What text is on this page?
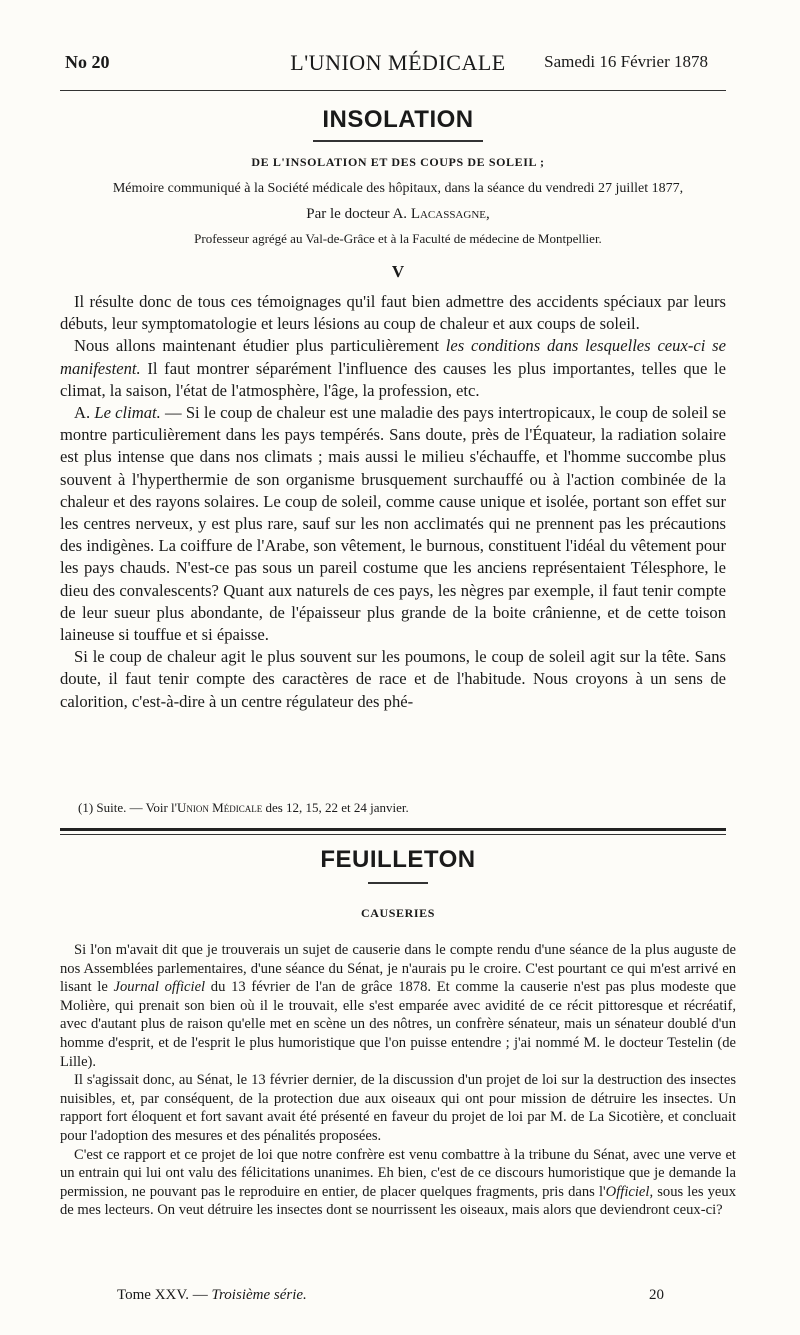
No 20	L'UNION MÉDICALE	Samedi 16 Février 1878
INSOLATION
DE L'INSOLATION ET DES COUPS DE SOLEIL ;
Mémoire communiqué à la Société médicale des hôpitaux, dans la séance du vendredi 27 juillet 1877,
Par le docteur A. Lacassagne,
Professeur agrégé au Val-de-Grâce et à la Faculté de médecine de Montpellier.
V

Il résulte donc de tous ces témoignages qu'il faut bien admettre des accidents spéciaux par leurs débuts, leur symptomatologie et leurs lésions au coup de chaleur et aux coups de soleil.

Nous allons maintenant étudier plus particulièrement les conditions dans lesquelles ceux-ci se manifestent. Il faut montrer séparément l'influence des causes les plus importantes, telles que le climat, la saison, l'état de l'atmosphère, l'âge, la profession, etc.

A. Le climat. — Si le coup de chaleur est une maladie des pays intertropicaux, le coup de soleil se montre particulièrement dans les pays tempérés. Sans doute, près de l'Équateur, la radiation solaire est plus intense que dans nos climats ; mais aussi le milieu s'échauffe, et l'homme succombe plus souvent à l'hyperthermie de son organisme brusquement surchauffé ou à l'action combinée de la chaleur et des rayons solaires. Le coup de soleil, comme cause unique et isolée, portant son effet sur les centres nerveux, y est plus rare, sauf sur les non acclimatés qui ne prennent pas les précautions des indigènes. La coiffure de l'Arabe, son vêtement, le burnous, constituent l'idéal du vêtement pour les pays chauds. N'est-ce pas sous un pareil costume que les anciens représentaient Télesphore, le dieu des convalescents? Quant aux naturels de ces pays, les nègres par exemple, il faut tenir compte de leur sueur plus abondante, de l'épaisseur plus grande de la boite crânienne, et de cette toison laineuse si touffue et si épaisse.

Si le coup de chaleur agit le plus souvent sur les poumons, le coup de soleil agit sur la tête. Sans doute, il faut tenir compte des caractères de race et de l'habitude. Nous croyons à un sens de calorition, c'est-à-dire à un centre régulateur des phé-

(1) Suite. — Voir l'Union Médicale des 12, 15, 22 et 24 janvier.
FEUILLETON
CAUSERIES

Si l'on m'avait dit que je trouverais un sujet de causerie dans le compte rendu d'une séance de la plus auguste de nos Assemblées parlementaires, d'une séance du Sénat, je n'aurais pu le croire. C'est pourtant ce qui m'est arrivé en lisant le Journal officiel du 13 février de l'an de grâce 1878. Et comme la causerie n'est pas plus modeste que Molière, qui prenait son bien où il le trouvait, elle s'est emparée avec avidité de ce récit pittoresque et récréatif, avec d'autant plus de raison qu'elle met en scène un des nôtres, un confrère sénateur, mais un sénateur doublé d'un homme d'esprit, et de l'esprit le plus humoristique que l'on puisse entendre ; j'ai nommé M. le docteur Testelin (de Lille).

Il s'agissait donc, au Sénat, le 13 février dernier, de la discussion d'un projet de loi sur la destruction des insectes nuisibles, et, par conséquent, de la protection due aux oiseaux qui ont pour mission de détruire les insectes. Un rapport fort éloquent et fort savant avait été présenté en faveur du projet de loi par M. de La Sicotière, et concluait pour l'adoption des mesures et des pénalités proposées.

C'est ce rapport et ce projet de loi que notre confrère est venu combattre à la tribune du Sénat, avec une verve et un entrain qui lui ont valu des félicitations unanimes. Eh bien, c'est de ce discours humoristique que je demande la permission, ne pouvant pas le reproduire en entier, de placer quelques fragments, pris dans l'Officiel, sous les yeux de mes lecteurs. On veut détruire les insectes dont se nourrissent les oiseaux, mais alors que deviendront ceux-ci?

Tome XXV. — Troisième série.	20
